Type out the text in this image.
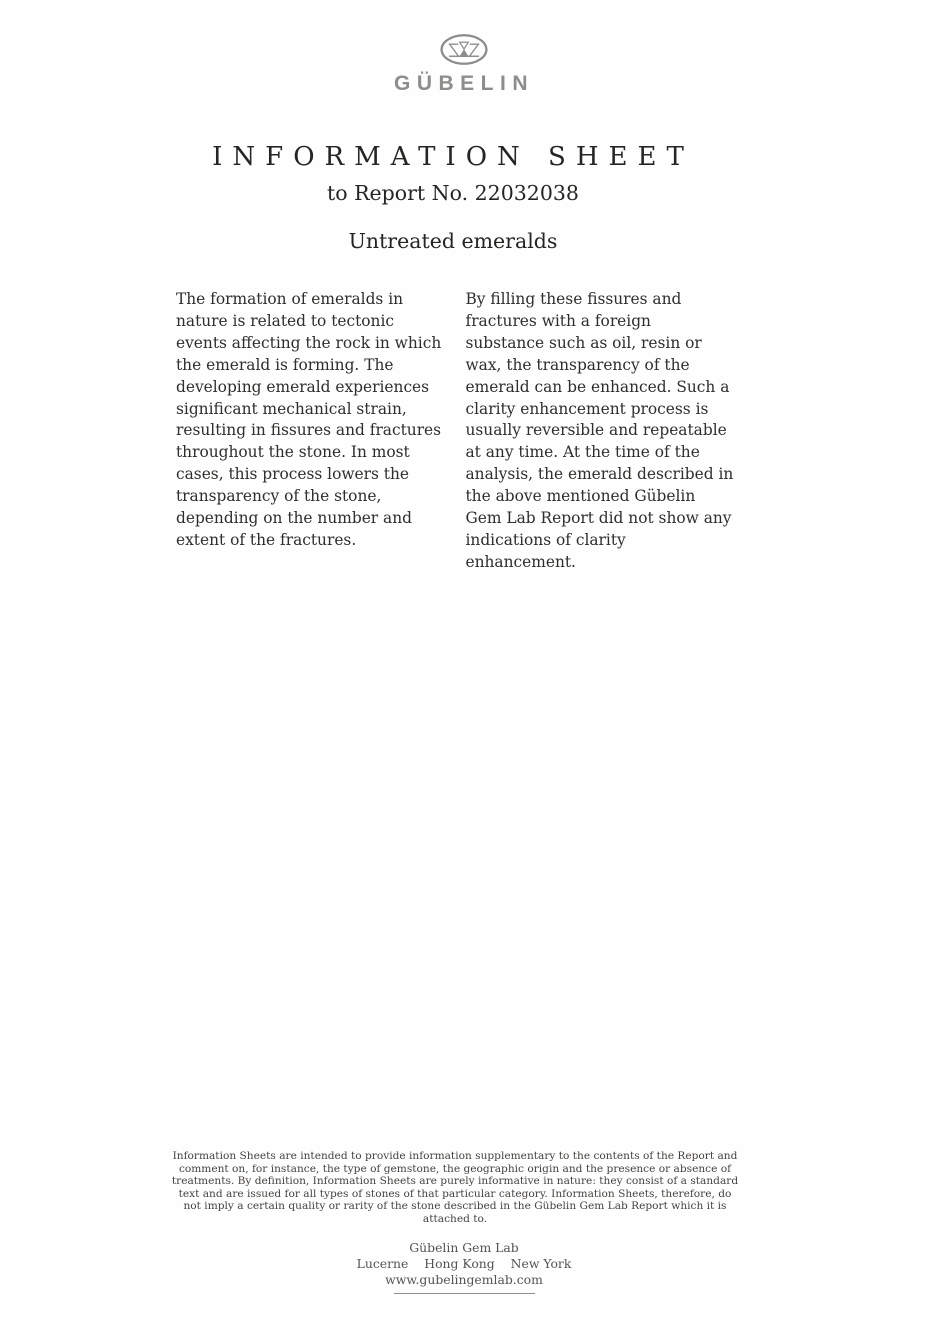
GÜBELIN
INFORMATION SHEET
to Report No. 22032038
Untreated emeralds

The formation of emeralds in nature is related to tectonic events affecting the rock in which the emerald is forming. The developing emerald experiences significant mechanical strain, resulting in fissures and fractures throughout the stone. In most cases, this process lowers the transparency of the stone, depending on the number and extent of the fractures.

By filling these fissures and fractures with a foreign substance such as oil, resin or wax, the transparency of the emerald can be enhanced. Such a clarity enhancement process is usually reversible and repeatable at any time. At the time of the analysis, the emerald described in the above mentioned Gübelin Gem Lab Report did not show any indications of clarity enhancement.

Information Sheets are intended to provide information supplementary to the contents of the Report and comment on, for instance, the type of gemstone, the geographic origin and the presence or absence of treatments. By definition, Information Sheets are purely informative in nature: they consist of a standard text and are issued for all types of stones of that particular category. Information Sheets, therefore, do not imply a certain quality or rarity of the stone described in the Gübelin Gem Lab Report which it is attached to.

Gübelin Gem Lab
Lucerne Hong Kong New York
www.gubelingemlab.com
